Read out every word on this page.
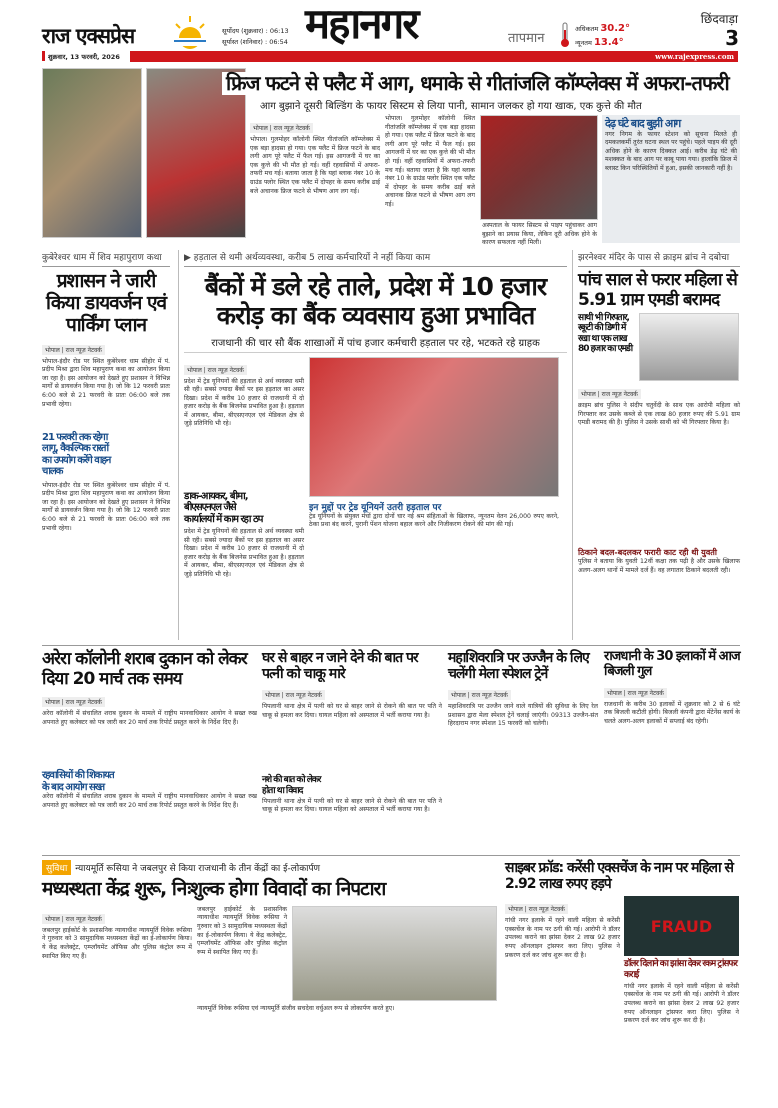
राज एक्सप्रेस	सूर्योदय (शुक्रवार) : 06:13
सूर्यास्त (शनिवार) : 06:54 महानगर	तापमान
अधिकतम 30.2°
न्यूनतम 13.4°
छिंदवाड़ा
3
शुक्रवार, 13 फरवरी, 2026	www.rajexpress.com
फ्रिज फटने से फ्लैट में आग, धमाके से गीतांजलि कॉम्प्लेक्स में अफरा-तफरी
आग बुझाने दूसरी बिल्डिंग के फायर सिस्टम से लिया पानी, सामान जलकर हो गया खाक, एक कुत्ते की मौत
भोपाल | राज न्यूज़ नेटवर्क
भोपाल। गुलमोहर कॉलोनी स्थित गीतांजलि कॉम्प्लेक्स में एक बड़ा हादसा हो गया। एक फ्लैट में फ्रिज फटने के बाद लगी आग पूरे फ्लैट में फैल गई। इस आगजनी में घर का एक कुत्ते की भी मौत हो गई। वहीं रहवासियों में अफरा-तफरी मच गई। बताया जाता है कि यहां ब्लाक नंबर 10 के ग्राउंड फ्लोर स्थित एक फ्लैट में दोपहर के समय करीब ढाई बजे अचानक फ्रिज फटने से भीषण आग लग गई।
भोपाल। गुलमोहर कॉलोनी स्थित गीतांजलि कॉम्प्लेक्स में एक बड़ा हादसा हो गया। एक फ्लैट में फ्रिज फटने के बाद लगी आग पूरे फ्लैट में फैल गई। इस आगजनी में घर का एक कुत्ते की भी मौत हो गई। वहीं रहवासियों में अफरा-तफरी मच गई। बताया जाता है कि यहां ब्लाक नंबर 10 के ग्राउंड फ्लोर स्थित एक फ्लैट में दोपहर के समय करीब ढाई बजे अचानक फ्रिज फटने से भीषण आग लग गई।
अस्पताल के फायर सिस्टम से पाइप पहुंचाकर आग बुझाने का प्रयास किया, लेकिन दूरी अधिक होने के कारण सफलता नहीं मिली।
देढ़ घंटे बाद बुझी आग
नगर निगम के फायर स्टेशन को सूचना मिलते ही दमकलकर्मी तुरंत घटना स्थल पर पहुंचे। पहले पाइप की दूरी अधिक होने के कारण दिक्कत आई। करीब डेढ़ घंटे की मशक्कत के बाद आग पर काबू पाया गया। हालांकि फ्रिज में ब्लास्ट किन परिस्थितियों में हुआ, इसकी जानकारी नहीं है।
कुबेरेश्वर धाम में शिव महापुराण कथा
प्रशासन ने जारी किया डायवर्जन एवं पार्किंग प्लान
भोपाल | राज न्यूज़ नेटवर्क
भोपाल-इंदौर रोड पर स्थित कुबेरेश्वर धाम सीहोर में पं. प्रदीप मिश्रा द्वारा शिव महापुराण कथा का आयोजन किया जा रहा है। इस आयोजन को देखते हुए प्रशासन ने विभिन्न मार्गों से डायवर्जन किया गया है। जो कि 12 फरवरी प्रातः 6:00 बजे से 21 फरवरी के प्रातः 06:00 बजे तक प्रभावी रहेगा।
21 फरवरी तक रहेगा लागू, वैकल्पिक रास्तों का उपयोग करेंगे वाहन चालक
भोपाल-इंदौर रोड पर स्थित कुबेरेश्वर धाम सीहोर में पं. प्रदीप मिश्रा द्वारा शिव महापुराण कथा का आयोजन किया जा रहा है। इस आयोजन को देखते हुए प्रशासन ने विभिन्न मार्गों से डायवर्जन किया गया है। जो कि 12 फरवरी प्रातः 6:00 बजे से 21 फरवरी के प्रातः 06:00 बजे तक प्रभावी रहेगा।
▶ हड़ताल से थमी अर्थव्यवस्था, करीब 5 लाख कर्मचारियों ने नहीं किया काम
बैंकों में डले रहे ताले, प्रदेश में 10 हजार करोड़ का बैंक व्यवसाय हुआ प्रभावित
राजधानी की चार सौ बैंक शाखाओं में पांच हजार कर्मचारी हड़ताल पर रहे, भटकते रहे ग्राहक
भोपाल | राज न्यूज़ नेटवर्क
प्रदेश में ट्रेड यूनियनों की हड़ताल से अर्थ व्यवस्था थमी सी रही। सबसे ज्यादा बैंकों पर इस हड़ताल का असर दिखा। प्रदेश में करीब 10 हजार से राजधानी में दो हजार करोड़ के बैंक बिजनेस प्रभावित हुआ है। हड़ताल में आयकर, बीमा, बीएसएनएल एवं मेडिकल क्षेत्र से जुड़े प्रतिनिधि भी रहे।
डाक-आयकर, बीमा, बीएसएनएल जैसे कार्यालयों में काम रहा ठप
प्रदेश में ट्रेड यूनियनों की हड़ताल से अर्थ व्यवस्था थमी सी रही। सबसे ज्यादा बैंकों पर इस हड़ताल का असर दिखा। प्रदेश में करीब 10 हजार से राजधानी में दो हजार करोड़ के बैंक बिजनेस प्रभावित हुआ है। हड़ताल में आयकर, बीमा, बीएसएनएल एवं मेडिकल क्षेत्र से जुड़े प्रतिनिधि भी रहे।
इन मुद्दों पर ट्रेड यूनियनें उतरी हड़ताल पर
ट्रेड यूनियनों के संयुक्त मंचों द्वारा दोनों चार नई श्रम संहिताओं के खिलाफ, न्यूनतम वेतन 26,000 रुपए करने, ठेका प्रथा बंद करने, पुरानी पेंशन योजना बहाल करने और निजीकरण रोकने की मांग की गई।
झरनेश्वर मंदिर के पास से क्राइम ब्रांच ने दबोचा
पांच साल से फरार महिला से 5.91 ग्राम एमडी बरामद
साथी भी गिरफ्तार, स्कूटी की डिग्गी में रखा था एक लाख 80 हजार का एमडी
भोपाल | राज न्यूज़ नेटवर्क
क्राइम ब्रांच पुलिस ने संदीप चतुर्वेदी के साथ एक आरोपी महिला को गिरफ्तार कर उसके कब्जे से एक लाख 80 हजार रुपए की 5.91 ग्राम एमडी बरामद की है। पुलिस ने उसके साथी को भी गिरफ्तार किया है।
ठिकाने बदल-बदलकर फरारी काट रही थी युवती
पुलिस ने बताया कि युवती 12वीं कक्षा तक पढ़ी है और उसके खिलाफ अलग-अलग थानों में मामले दर्ज हैं। वह लगातार ठिकाने बदलती रही।
अरेरा कॉलोनी शराब दुकान को लेकर दिया 20 मार्च तक समय
भोपाल | राज न्यूज़ नेटवर्क
अरेरा कॉलोनी में संचालित शराब दुकान के मामले में राष्ट्रीय मानवाधिकार आयोग ने सख्त रुख अपनाते हुए कलेक्टर को पत्र जारी कर 20 मार्च तक रिपोर्ट प्रस्तुत करने के निर्देश दिए हैं।
रहवासियों की शिकायत के बाद आयोग सख्त
अरेरा कॉलोनी में संचालित शराब दुकान के मामले में राष्ट्रीय मानवाधिकार आयोग ने सख्त रुख अपनाते हुए कलेक्टर को पत्र जारी कर 20 मार्च तक रिपोर्ट प्रस्तुत करने के निर्देश दिए हैं।
घर से बाहर न जाने देने की बात पर पत्नी को चाकू मारे
भोपाल | राज न्यूज़ नेटवर्क
पिपलानी थाना क्षेत्र में पत्नी को घर से बाहर जाने से रोकने की बात पर पति ने चाकू से हमला कर दिया। घायल महिला को अस्पताल में भर्ती कराया गया है।
नशे की बात को लेकर होता था विवाद
पिपलानी थाना क्षेत्र में पत्नी को घर से बाहर जाने से रोकने की बात पर पति ने चाकू से हमला कर दिया। घायल महिला को अस्पताल में भर्ती कराया गया है।
महाशिवरात्रि पर उज्जैन के लिए चलेंगी मेला स्पेशल ट्रेनें
भोपाल | राज न्यूज़ नेटवर्क
महाशिवरात्रि पर उज्जैन जाने वाले यात्रियों की सुविधा के लिए रेल प्रशासन द्वारा मेला स्पेशल ट्रेनें चलाई जाएंगी। 09313 उज्जैन-संत हिरदाराम नगर स्पेशल 15 फरवरी को चलेगी।
राजधानी के 30 इलाकों में आज बिजली गुल
भोपाल | राज न्यूज़ नेटवर्क
राजधानी के करीब 30 इलाकों में शुक्रवार को 2 से 6 घंटे तक बिजली कटौती होगी। बिजली कंपनी द्वारा मेंटेनेंस कार्य के चलते अलग-अलग इलाकों में सप्लाई बंद रहेगी।
सुविधा न्यायमूर्ति रूसिया ने जबलपुर से किया राजधानी के तीन केंद्रों का ई-लोकार्पण
मध्यस्थता केंद्र शुरू, निःशुल्क होगा विवादों का निपटारा
भोपाल | राज न्यूज़ नेटवर्क
जबलपुर हाईकोर्ट के प्रशासनिक न्यायाधीश न्यायमूर्ति विवेक रूसिया ने गुरुवार को 3 सामुदायिक मध्यस्थता केंद्रों का ई-लोकार्पण किया। ये केंद्र कलेक्ट्रेट, एम्प्लॉयमेंट ऑफिस और पुलिस कंट्रोल रूम में स्थापित किए गए हैं।
जबलपुर हाईकोर्ट के प्रशासनिक न्यायाधीश न्यायमूर्ति विवेक रूसिया ने गुरुवार को 3 सामुदायिक मध्यस्थता केंद्रों का ई-लोकार्पण किया। ये केंद्र कलेक्ट्रेट, एम्प्लॉयमेंट ऑफिस और पुलिस कंट्रोल रूम में स्थापित किए गए हैं।
न्यायमूर्ति विवेक रूसिया एवं न्यायमूर्ति संजीव सचदेवा वर्चुअल रूप से लोकार्पण करते हुए।
साइबर फ्रॉड: करेंसी एक्सचेंज के नाम पर महिला से 2.92 लाख रुपए हड़पे
भोपाल | राज न्यूज़ नेटवर्क
गांधी नगर इलाके में रहने वाली महिला से करेंसी एक्सचेंज के नाम पर ठगी की गई। आरोपी ने डॉलर उपलब्ध कराने का झांसा देकर 2 लाख 92 हजार रुपए ऑनलाइन ट्रांसफर करा लिए। पुलिस ने प्रकरण दर्ज कर जांच शुरू कर दी है।
FRAUD
डॉलर दिलाने का झांसा देकर रकम ट्रांसफर कराई
गांधी नगर इलाके में रहने वाली महिला से करेंसी एक्सचेंज के नाम पर ठगी की गई। आरोपी ने डॉलर उपलब्ध कराने का झांसा देकर 2 लाख 92 हजार रुपए ऑनलाइन ट्रांसफर करा लिए। पुलिस ने प्रकरण दर्ज कर जांच शुरू कर दी है।
